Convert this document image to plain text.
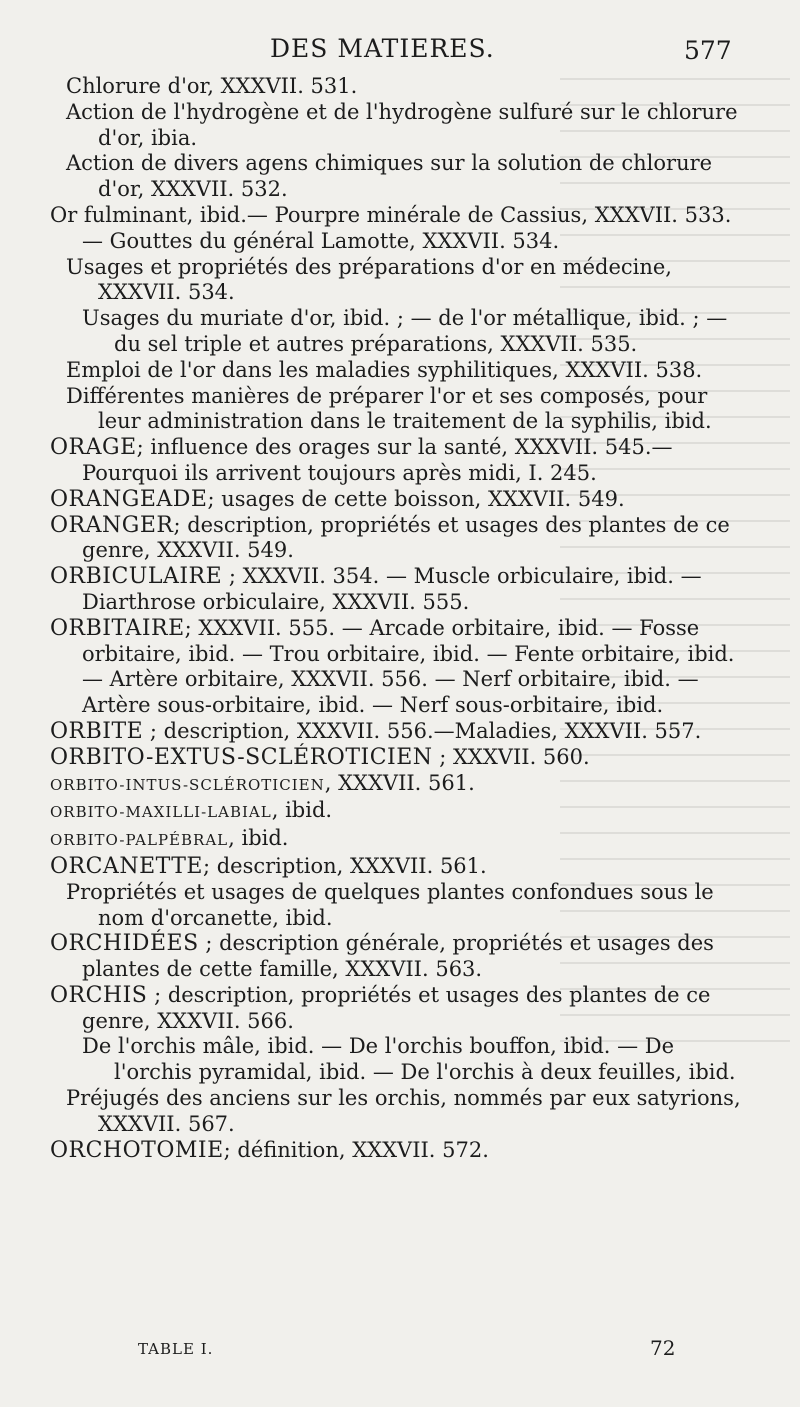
DES MATIERES.	577

Chlorure d'or, XXXVII. 531.

Action de l'hydrogène et de l'hydrogène sulfuré sur le chlorure d'or, ibia.

Action de divers agens chimiques sur la solution de chlorure d'or, XXXVII. 532.

Or fulminant, ibid.— Pourpre minérale de Cassius, XXXVII. 533. — Gouttes du général Lamotte, XXXVII. 534.

Usages et propriétés des préparations d'or en médecine, XXXVII. 534.

Usages du muriate d'or, ibid. ; — de l'or métallique, ibid. ; — du sel triple et autres préparations, XXXVII. 535.

Emploi de l'or dans les maladies syphilitiques, XXXVII. 538.

Différentes manières de préparer l'or et ses composés, pour leur administration dans le traitement de la syphilis, ibid.

ORAGE; influence des orages sur la santé, XXXVII. 545.— Pourquoi ils arrivent toujours après midi, I. 245.

ORANGEADE; usages de cette boisson, XXXVII. 549.

ORANGER; description, propriétés et usages des plantes de ce genre, XXXVII. 549.

ORBICULAIRE ; XXXVII. 354. — Muscle orbiculaire, ibid. — Diarthrose orbiculaire, XXXVII. 555.

ORBITAIRE; XXXVII. 555. — Arcade orbitaire, ibid. — Fosse orbitaire, ibid. — Trou orbitaire, ibid. — Fente orbitaire, ibid. — Artère orbitaire, XXXVII. 556. — Nerf orbitaire, ibid. — Artère sous-orbitaire, ibid. — Nerf sous-orbitaire, ibid.

ORBITE ; description, XXXVII. 556.—Maladies, XXXVII. 557.

ORBITO-EXTUS-SCLÉROTICIEN ; XXXVII. 560.

ORBITO-INTUS-SCLÉROTICIEN, XXXVII. 561.

ORBITO-MAXILLI-LABIAL, ibid.

ORBITO-PALPÉBRAL, ibid.

ORCANETTE; description, XXXVII. 561.

Propriétés et usages de quelques plantes confondues sous le nom d'orcanette, ibid.

ORCHIDÉES ; description générale, propriétés et usages des plantes de cette famille, XXXVII. 563.

ORCHIS ; description, propriétés et usages des plantes de ce genre, XXXVII. 566.

De l'orchis mâle, ibid. — De l'orchis bouffon, ibid. — De l'orchis pyramidal, ibid. — De l'orchis à deux feuilles, ibid.

Préjugés des anciens sur les orchis, nommés par eux satyrions, XXXVII. 567.

ORCHOTOMIE; définition, XXXVII. 572.

TABLE I.	72
